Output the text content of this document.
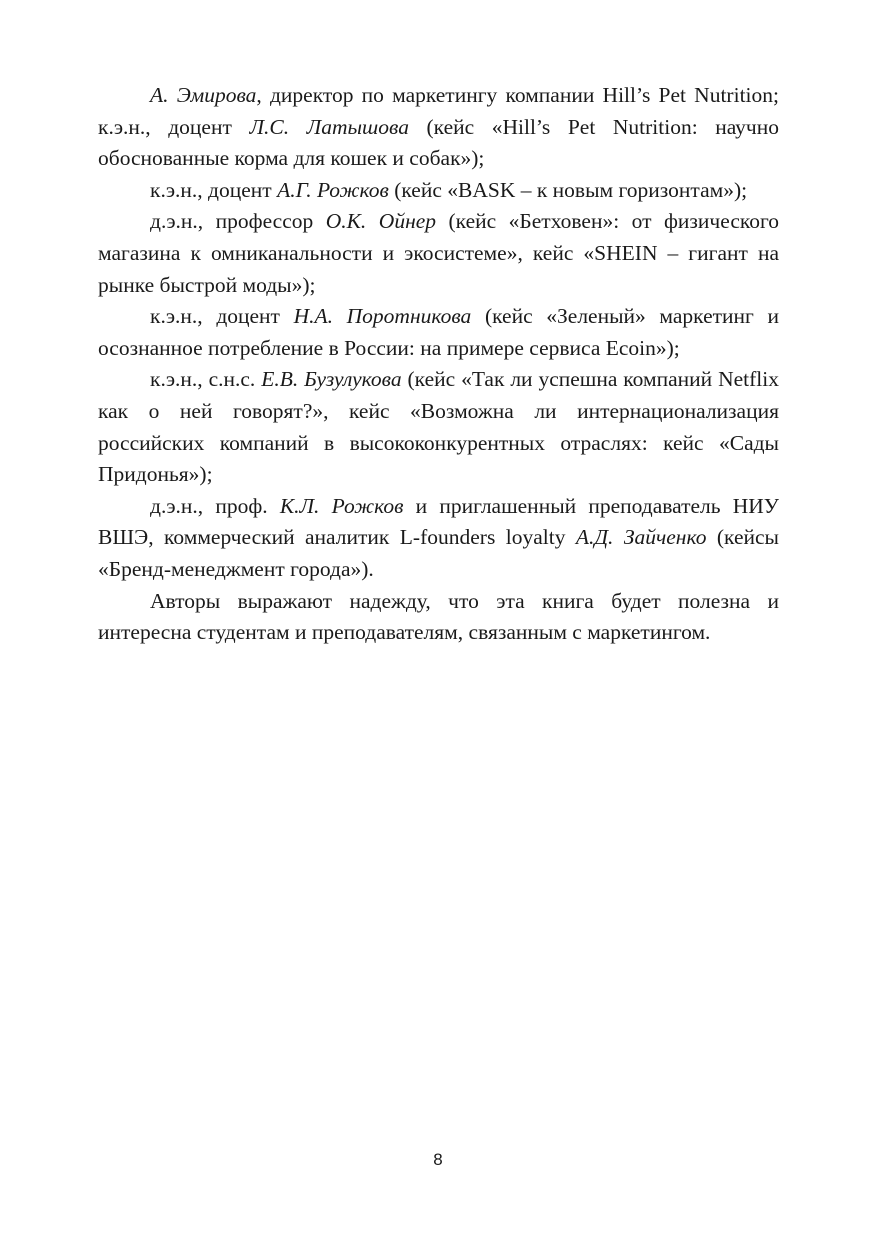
А. Эмирова, директор по маркетингу компании Hill’s Pet Nutrition; к.э.н., доцент Л.С. Латышова (кейс «Hill’s Pet Nutrition: научно обоснованные корма для кошек и собак»);

к.э.н., доцент А.Г. Рожков (кейс «BASK – к новым горизонтам»);

д.э.н., профессор О.К. Ойнер (кейс «Бетховен»: от физического магазина к омниканальности и экосистеме», кейс «SHEIN – гигант на рынке быстрой моды»);

к.э.н., доцент Н.А. Поротникова (кейс «Зеленый» маркетинг и осознанное потребление в России: на примере сервиса Ecoin»);

к.э.н., с.н.с. Е.В. Бузулукова (кейс «Так ли успешна компаний Netflix как о ней говорят?», кейс «Возможна ли интернационализация российских компаний в высококонкурентных отраслях: кейс «Сады Придонья»);

д.э.н., проф. К.Л. Рожков и приглашенный преподаватель НИУ ВШЭ, коммерческий аналитик L-founders loyalty А.Д. Зайченко (кейсы «Бренд-менеджмент города»).

Авторы выражают надежду, что эта книга будет полезна и интересна студентам и преподавателям, связанным с маркетингом.

8
